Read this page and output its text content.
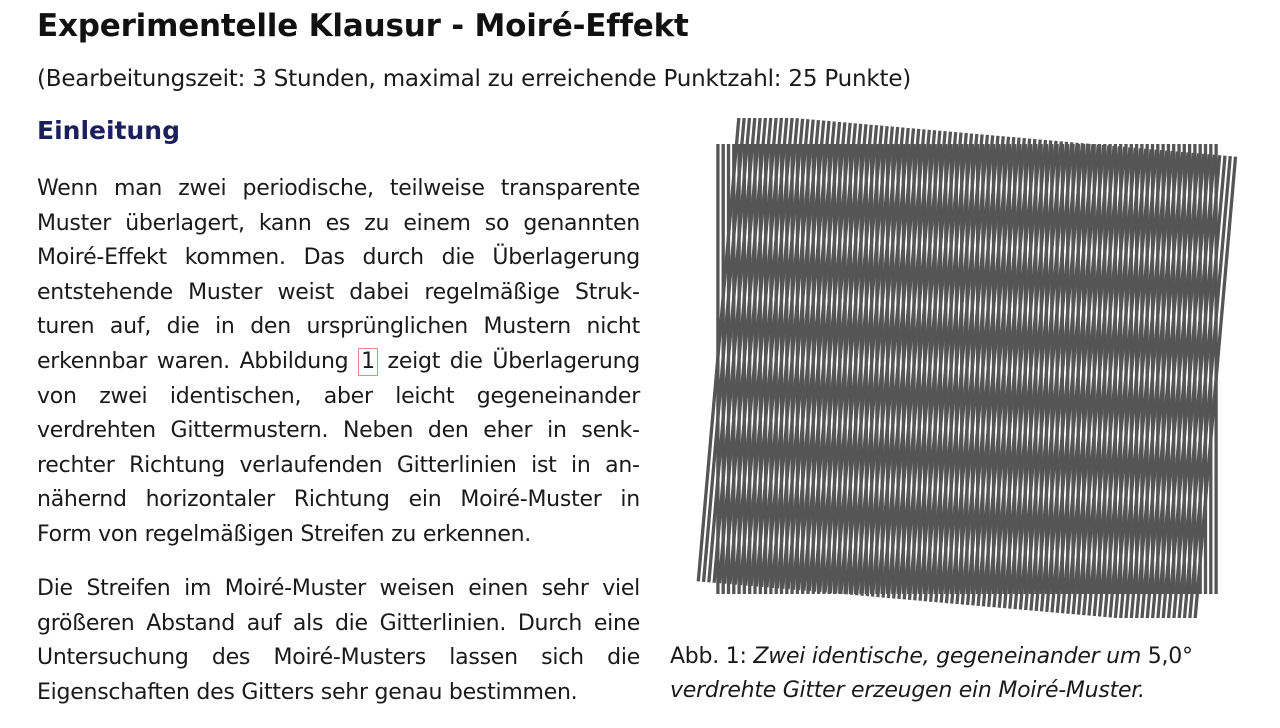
Experimentelle Klausur - Moiré-Effekt

(Bearbeitungszeit: 3 Stunden, maximal zu erreichende Punktzahl: 25 Punkte)

Einleitung

Wenn man zwei periodische, teilweise transparente Muster überlagert, kann es zu einem so genannten Moiré-Effekt kommen. Das durch die Überlagerung entstehende Muster weist dabei regelmäßige Strukturen auf, die in den ursprünglichen Mustern nicht erkennbar waren. Abbildung 1 zeigt die Überlagerung von zwei identischen, aber leicht gegeneinander verdrehten Gittermustern. Neben den eher in senkrechter Richtung verlaufenden Gitterlinien ist in annähernd horizontaler Richtung ein Moiré-Muster in Form von regelmäßigen Streifen zu erkennen.

Die Streifen im Moiré-Muster weisen einen sehr viel größeren Abstand auf als die Gitterlinien. Durch eine Untersuchung des Moiré-Musters lassen sich die Eigenschaften des Gitters sehr genau bestimmen.

Abb. 1: Zwei identische, gegeneinander um 5,0°
verdrehte Gitter erzeugen ein Moiré-Muster.
